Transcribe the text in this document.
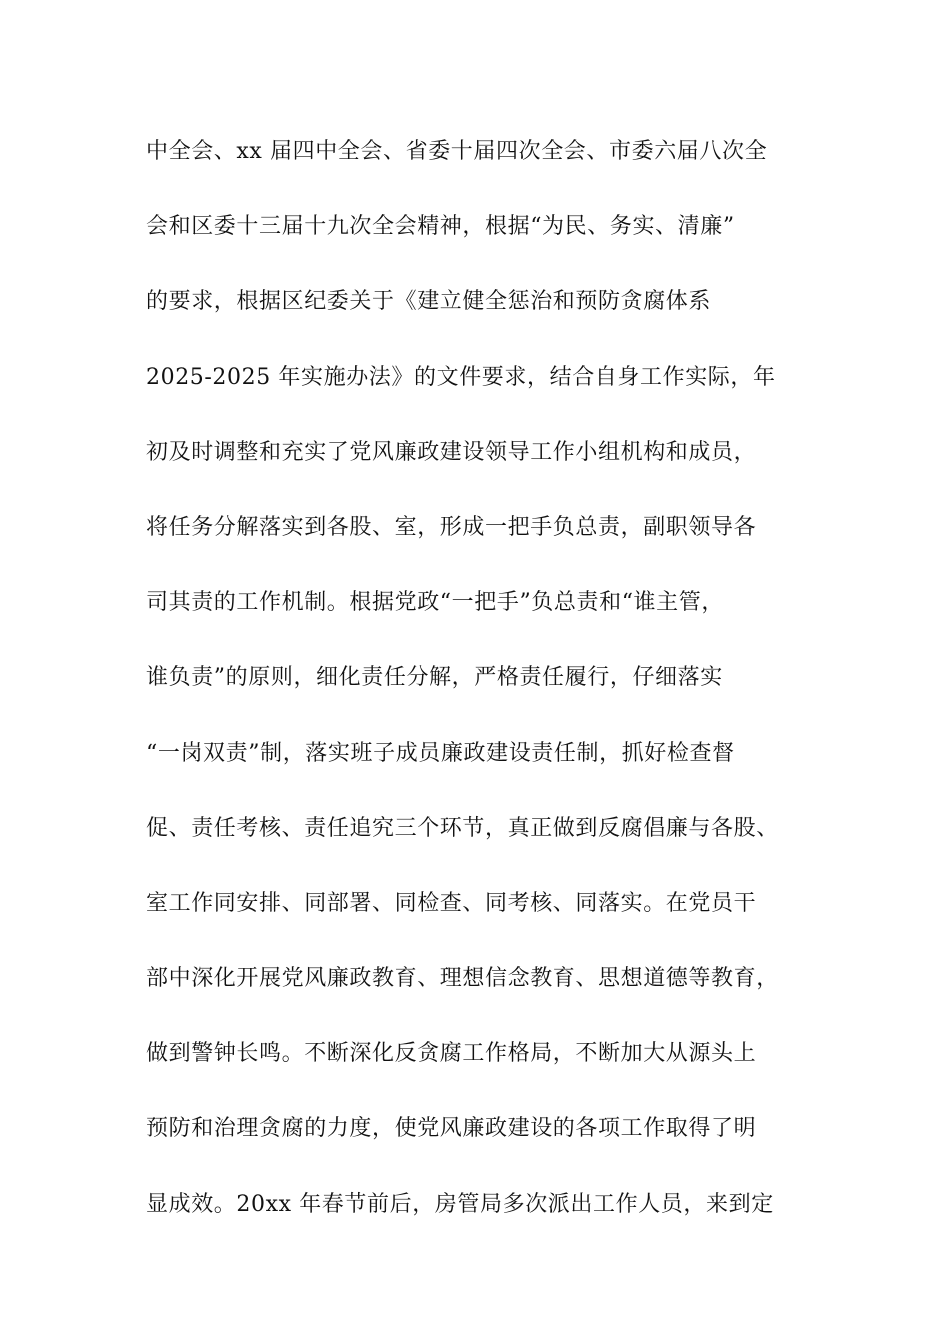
中全会、xx 届四中全会、省委十届四次全会、市委六届八次全
会和区委十三届十九次全会精神，根据“为民、务实、清廉”
的要求，根据区纪委关于《建立健全惩治和预防贪腐体系
2025-2025 年实施办法》的文件要求，结合自身工作实际，年
初及时调整和充实了党风廉政建设领导工作小组机构和成员，
将任务分解落实到各股、室，形成一把手负总责，副职领导各
司其责的工作机制。根据党政“一把手”负总责和“谁主管，
谁负责”的原则，细化责任分解，严格责任履行，仔细落实
“一岗双责”制，落实班子成员廉政建设责任制，抓好检查督
促、责任考核、责任追究三个环节，真正做到反腐倡廉与各股、
室工作同安排、同部署、同检查、同考核、同落实。在党员干
部中深化开展党风廉政教育、理想信念教育、思想道德等教育，
做到警钟长鸣。不断深化反贪腐工作格局，不断加大从源头上
预防和治理贪腐的力度，使党风廉政建设的各项工作取得了明
显成效。20xx 年春节前后，房管局多次派出工作人员，来到定
